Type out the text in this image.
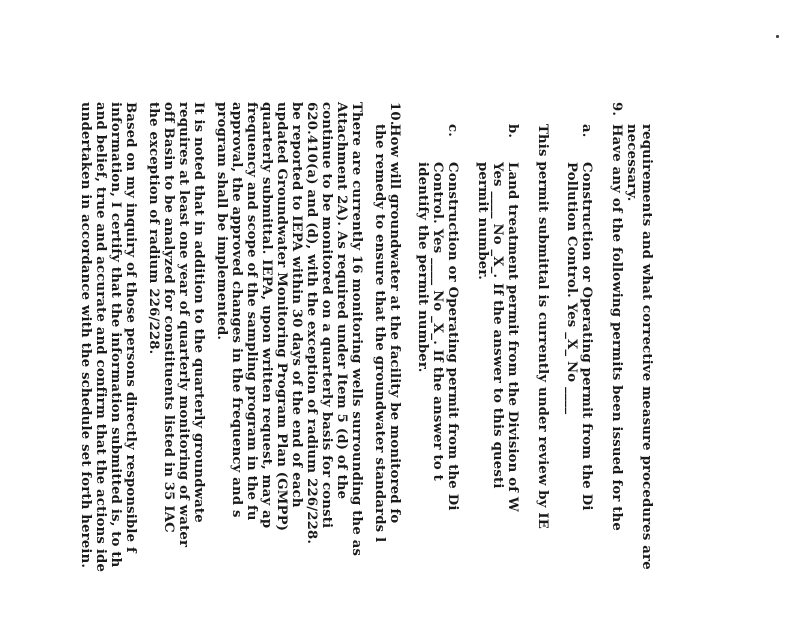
requirements and what corrective measure procedures are
necessary.
9.
Have any of the following permits been issued for the
a.
Construction or Operating permit from the Di
Pollution Control. Yes _X_ No ____
This permit submittal is currently under review by IE
b.
Land treatment permit from the Division of W
Yes ____ No _X_. If the answer to this questi
permit number.
c.
Construction or Operating permit from the Di
Control. Yes ____ No _X_. If the answer to t
identify the permit number.
10.
How will groundwater at the facility be monitored fo
the remedy to ensure that the groundwater standards l
There are currently 16 monitoring wells surrounding the as
Attachment 2A). As required under Item 5 (d) of the
continue to be monitored on a quarterly basis for consti
620.410(a) and (d), with the exception of radium 226/228.
be reported to IEPA within 30 days of the end of each
updated Groundwater Monitoring Program Plan (GMPP)
quarterly submittal. IEPA, upon written request, may ap
frequency and scope of the sampling program in the fu
approval, the approved changes in the frequency and s
program shall be implemented.
It is noted that in addition to the quarterly groundwate
requires at least one year of quarterly monitoring of water
off Basin to be analyzed for constituents listed in 35 IAC
the exception of radium 226/228.
Based on my inquiry of those persons directly responsible f
information, I certify that the information submitted is, to th
and belief, true and accurate and confirm that the actions ide
undertaken in accordance with the schedule set forth herein.
